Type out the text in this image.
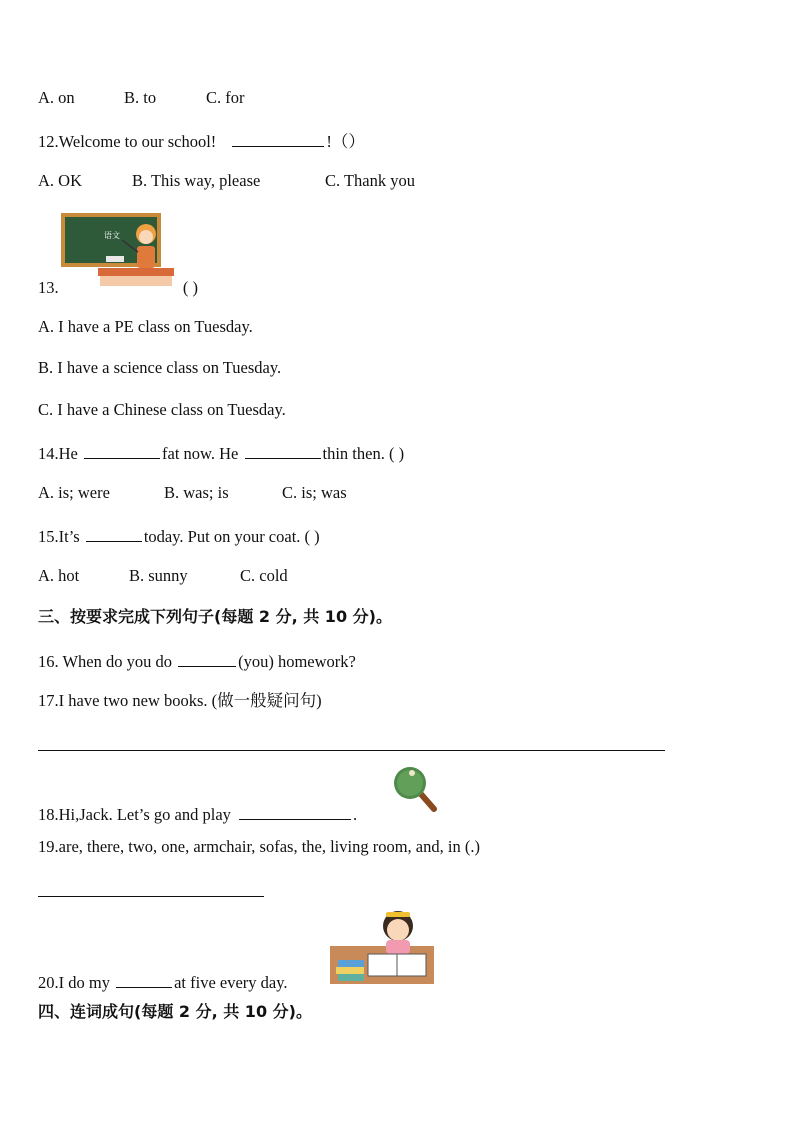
A. on	B. to	C. for
12.Welcome to our school!	!（）
A. OK	B. This way, please	C. Thank you
语文
13.	( )
A. I have a PE class on Tuesday.
B. I have a science class on Tuesday.
C. I have a Chinese class on Tuesday.
14.He	fat now. He	thin then. ( )
A. is; were	B. was; is	C. is; was
15.It’s	today. Put on your coat. ( )
A. hot	B. sunny	C. cold
三、按要求完成下列句子(每题 2 分, 共 10 分)。
16. When do you do	(you) homework?
17.I have two new books. (做一般疑问句)
18.Hi,Jack. Let’s go and play	.
19.are, there, two, one, armchair, sofas, the, living room, and, in (.)
20.I do my	at five every day.
四、连词成句(每题 2 分, 共 10 分)。
